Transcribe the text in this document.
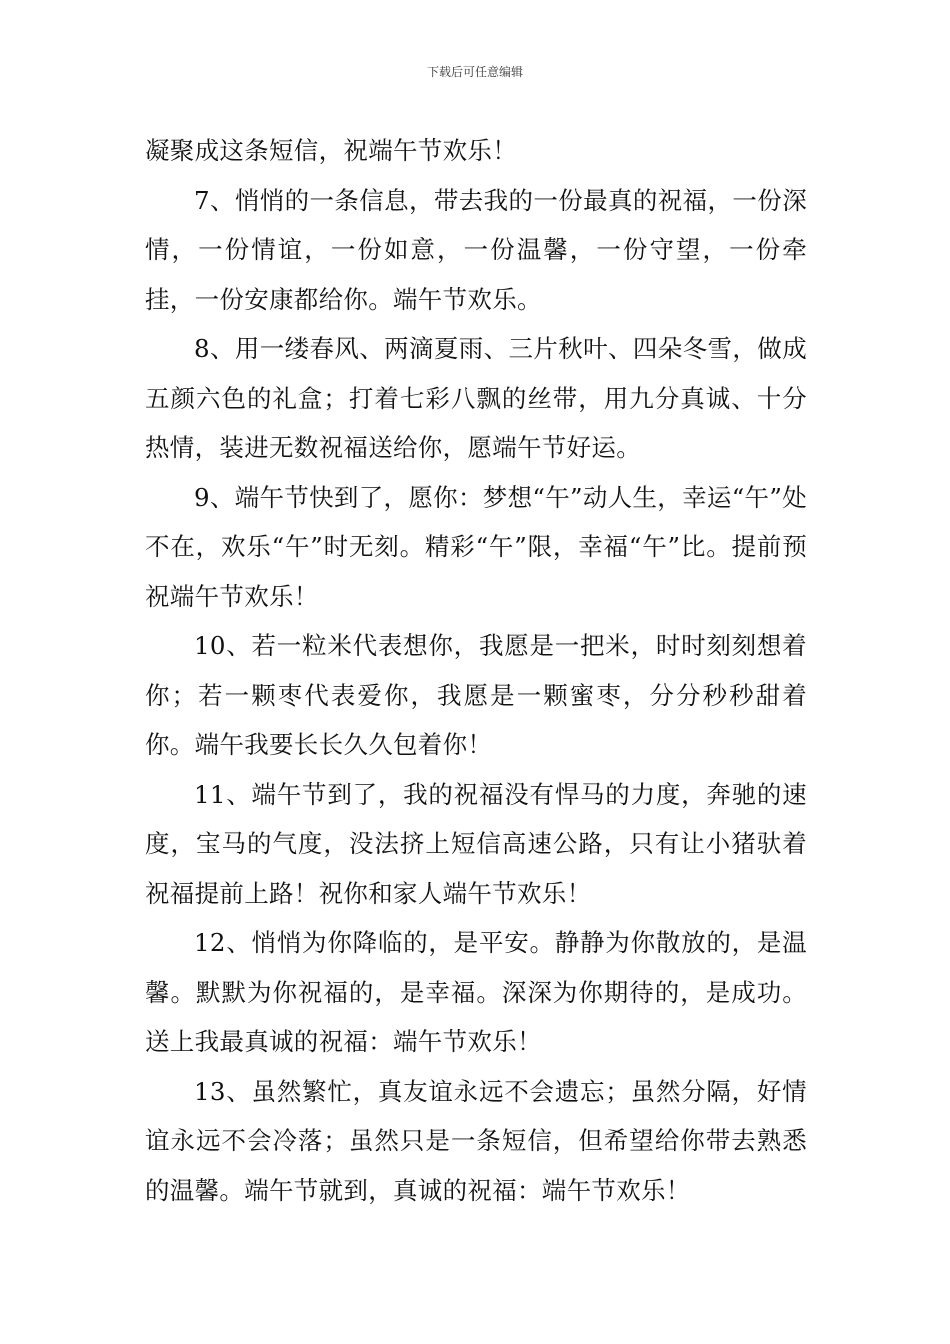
下载后可任意编辑

凝聚成这条短信，祝端午节欢乐！

7、悄悄的一条信息，带去我的一份最真的祝福，一份深情，一份情谊，一份如意，一份温馨，一份守望，一份牵挂，一份安康都给你。端午节欢乐。

8、用一缕春风、两滴夏雨、三片秋叶、四朵冬雪，做成五颜六色的礼盒；打着七彩八飘的丝带，用九分真诚、十分热情，装进无数祝福送给你，愿端午节好运。

9、端午节快到了，愿你：梦想“午”动人生，幸运“午”处不在，欢乐“午”时无刻。精彩“午”限，幸福“午”比。提前预祝端午节欢乐！

10、若一粒米代表想你，我愿是一把米，时时刻刻想着你；若一颗枣代表爱你，我愿是一颗蜜枣，分分秒秒甜着你。端午我要长长久久包着你！

11、端午节到了，我的祝福没有悍马的力度，奔驰的速度，宝马的气度，没法挤上短信高速公路，只有让小猪驮着祝福提前上路！祝你和家人端午节欢乐！

12、悄悄为你降临的，是平安。静静为你散放的，是温馨。默默为你祝福的，是幸福。深深为你期待的，是成功。送上我最真诚的祝福：端午节欢乐！

13、虽然繁忙，真友谊永远不会遗忘；虽然分隔，好情谊永远不会冷落；虽然只是一条短信，但希望给你带去熟悉的温馨。端午节就到，真诚的祝福：端午节欢乐！
